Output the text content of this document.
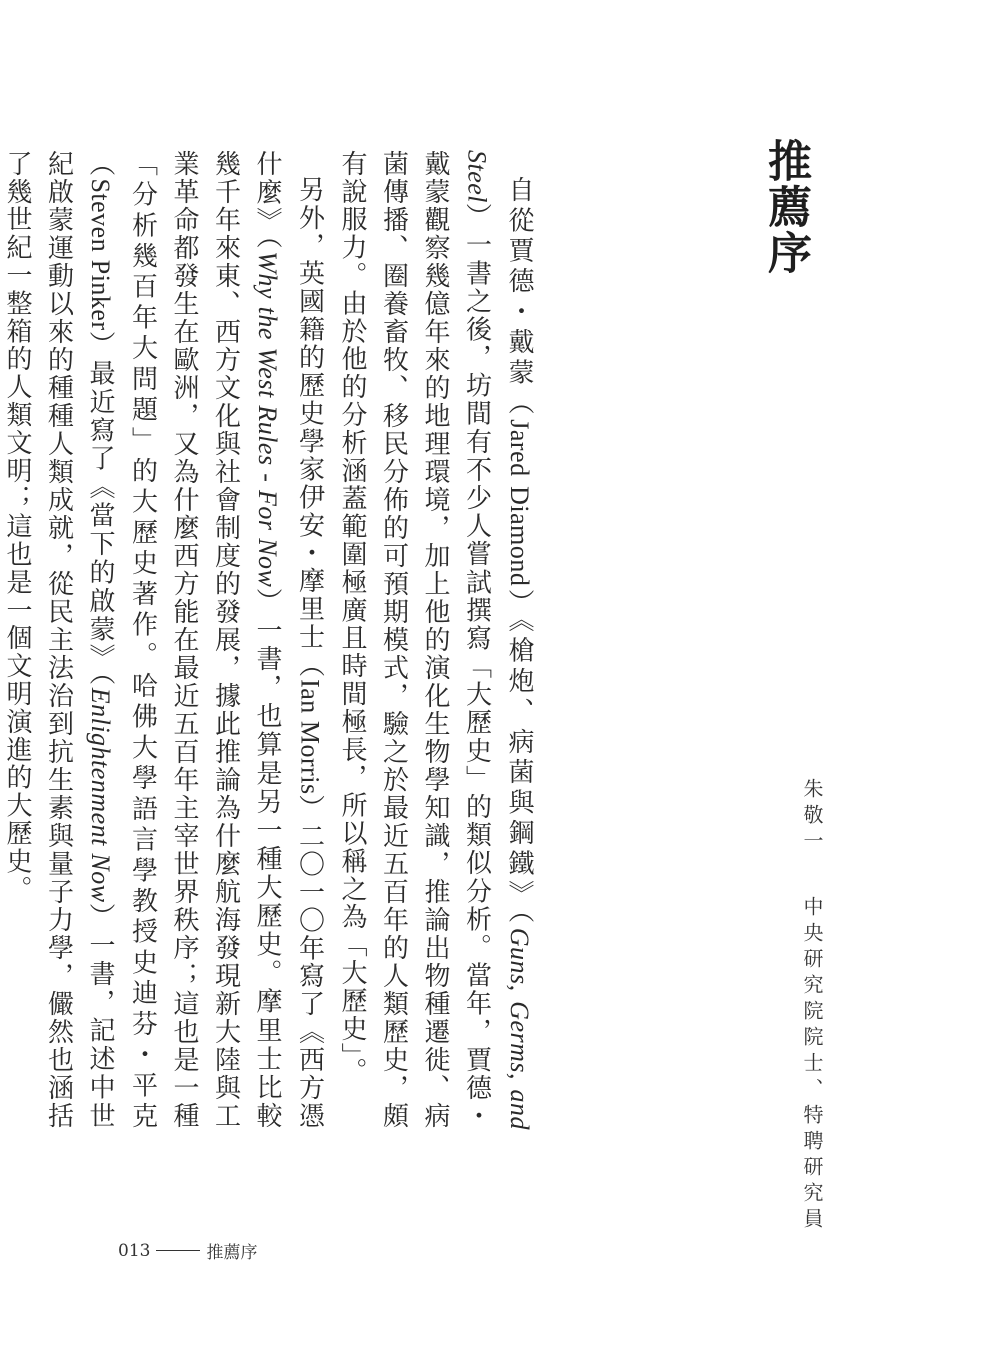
推薦序
朱敬一中央研究院院士、特聘研究員

自從賈德・戴蒙（Jared Diamond）《槍炮、病菌與鋼鐵》（Guns, Germs, and Steel）一書之後，坊間有不少人嘗試撰寫「大歷史」的類似分析。當年，賈德・戴蒙觀察幾億年來的地理環境，加上他的演化生物學知識，推論出物種遷徙、病菌傳播、圈養畜牧、移民分佈的可預期模式，驗之於最近五百年的人類歷史，頗有說服力。由於他的分析涵蓋範圍極廣且時間極長，所以稱之為「大歷史」。

另外，英國籍的歷史學家伊安・摩里士（Ian Morris）二〇一〇年寫了《西方憑什麼》（Why the West Rules - For Now）一書，也算是另一種大歷史。摩里士比較幾千年來東、西方文化與社會制度的發展，據此推論為什麼航海發現新大陸與工業革命都發生在歐洲，又為什麼西方能在最近五百年主宰世界秩序；這也是一種「分析幾百年大問題」的大歷史著作。哈佛大學語言學教授史迪芬・平克（Steven Pinker）最近寫了《當下的啟蒙》（Enlightenment Now）一書，記述中世紀啟蒙運動以來的種種人類成就，從民主法治到抗生素與量子力學，儼然也涵括了幾世紀一整箱的人類文明；這也是一個文明演進的大歷史。

013	推薦序
